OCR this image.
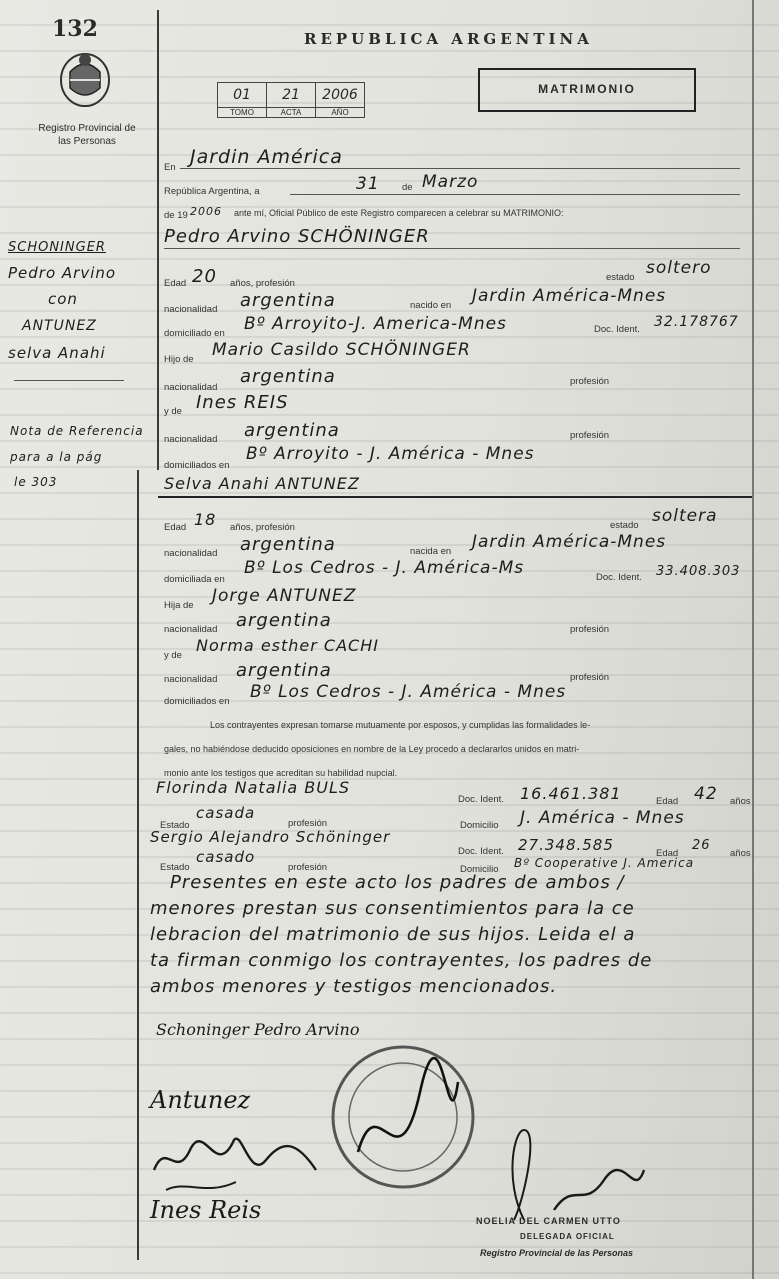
132
Registro Provincial de las Personas
REPUBLICA ARGENTINA
MATRIMONIO
01	21	2006
TOMO	ACTA	AÑO
SCHONINGER
Pedro Arvino
con
ANTUNEZ
selva Anahi
Nota de Referencia
para a la pág
le 303
En Jardin América
República Argentina, a	31 de Marzo
de 19 2006 ante mí, Oficial Público de este Registro comparecen a celebrar su MATRIMONIO:
Pedro Arvino SCHÖNINGER
Edad 20 años, profesión
estado soltero
nacionalidad argentina	nacido en Jardin América-Mnes
domiciliado en Bº Arroyito-J. America-Mnes	Doc. Ident. 32.178767
Hijo de Mario Casildo SCHÖNINGER
nacionalidad
argentina	profesión
y de Ines REIS
nacionalidad argentina	profesión
domiciliados en
Bº Arroyito - J. América - Mnes
Selva Anahi ANTUNEZ
Edad 18 años, profesión	estado soltera
nacionalidad argentina	nacida en Jardin América-Mnes
domiciliada en
Bº Los Cedros - J. América-Ms	Doc. Ident. 33.408.303
Hija de Jorge ANTUNEZ
nacionalidad argentina	profesión
y de
Norma esther CACHI
nacionalidad argentina	profesión
domiciliados en Bº Los Cedros - J. América - Mnes
Los contrayentes expresan tomarse mutuamente por esposos, y cumplidas las formalidades le-
gales, no habiéndose deducido oposiciones en nombre de la Ley procedo a declararlos unidos en matri-
monio ante los testigos que acreditan su habilidad nupcial.
Florinda Natalia BULS
Doc. Ident. 16.461.381	Edad 42 años
Estado
casada
profesión	Domicilio J. América - Mnes
Sergio Alejandro Schöninger
Doc. Ident. 27.348.585	Edad
26
años
Estado
casado
profesión	Domicilio Bº Cooperative J. America
Presentes en este acto los padres de ambos /
menores prestan sus consentimientos para la ce
lebracion del matrimonio de sus hijos. Leida el a
ta firman conmigo los contrayentes, los padres de
ambos menores y testigos mencionados.
Schoninger Pedro Arvino
Antunez
Ines Reis	NOELIA DEL CARMEN UTTO
DELEGADA OFICIAL
Registro Provincial de las Personas
